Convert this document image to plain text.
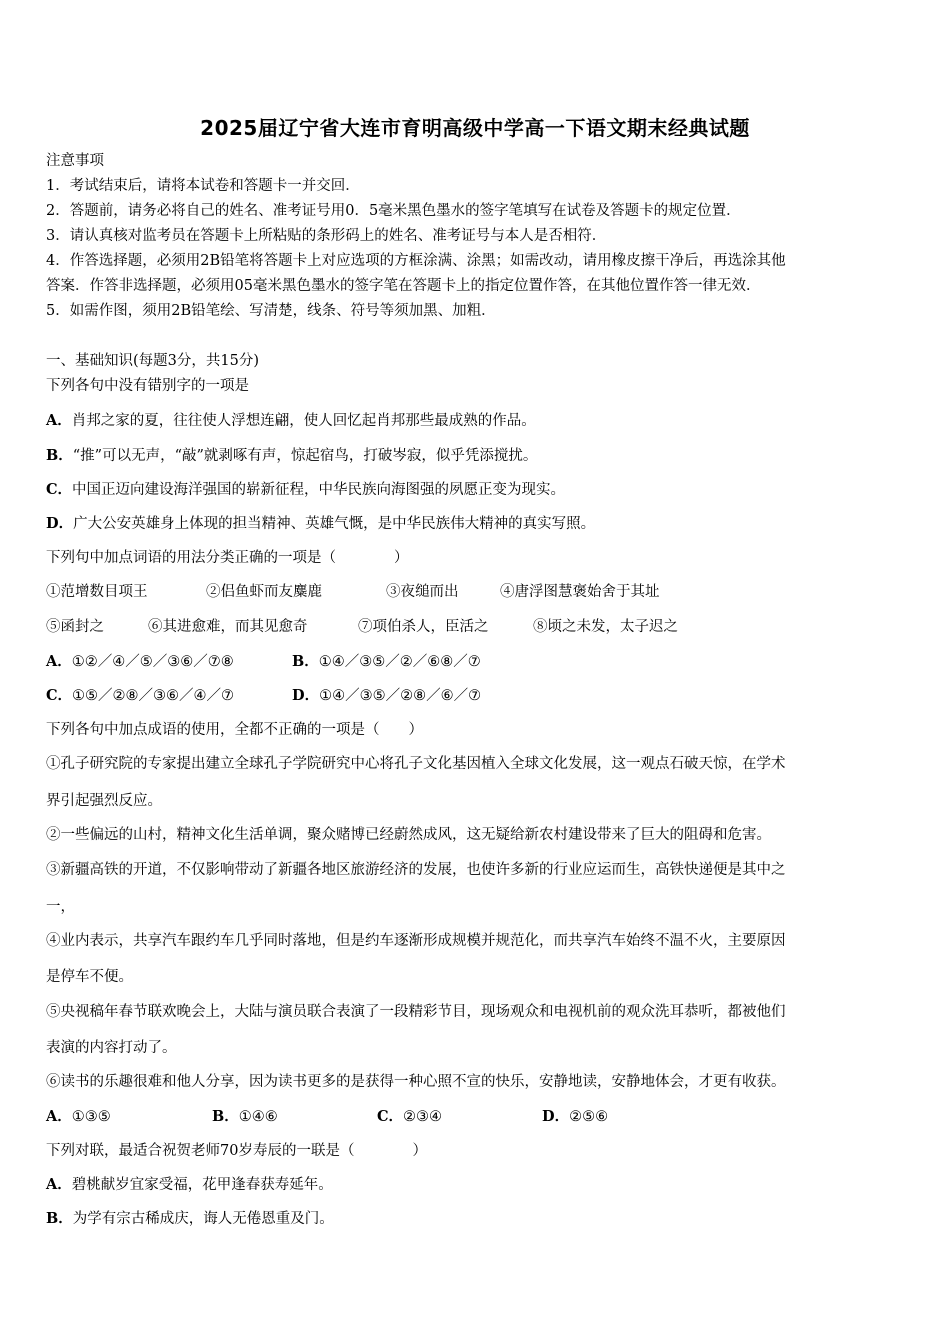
2025届辽宁省大连市育明高级中学高一下语文期末经典试题
注意事项
1．考试结束后，请将本试卷和答题卡一并交回．
2．答题前，请务必将自己的姓名、准考证号用0．5毫米黑色墨水的签字笔填写在试卷及答题卡的规定位置．
3．请认真核对监考员在答题卡上所粘贴的条形码上的姓名、准考证号与本人是否相符．
4．作答选择题，必须用2B铅笔将答题卡上对应选项的方框涂满、涂黑；如需改动，请用橡皮擦干净后，再选涂其他
答案．作答非选择题，必须用05毫米黑色墨水的签字笔在答题卡上的指定位置作答，在其他位置作答一律无效．
5．如需作图，须用2B铅笔绘、写清楚，线条、符号等须加黑、加粗．
一、基础知识(每题3分，共15分)
下列各句中没有错别字的一项是
A．肖邦之家的夏，往往使人浮想连翩，使人回忆起肖邦那些最成熟的作品。
B．“推”可以无声，“敲”就剥啄有声，惊起宿鸟，打破岑寂，似乎凭添搅扰。
C．中国正迈向建设海洋强国的崭新征程，中华民族向海图强的夙愿正变为现实。
D．广大公安英雄身上体现的担当精神、英雄气慨，是中华民族伟大精神的真实写照。
下列句中加点词语的用法分类正确的一项是（　　　　）
①范增数目项王	②侣鱼虾而友麋鹿	③夜缒而出	④唐浮图慧褒始舍于其址
⑤函封之	⑥其进愈难，而其见愈奇	⑦项伯杀人，臣活之	⑧顷之未发，太子迟之
A．①②／④／⑤／③⑥／⑦⑧	B．①④／③⑤／②／⑥⑧／⑦
C．①⑤／②⑧／③⑥／④／⑦	D．①④／③⑤／②⑧／⑥／⑦
下列各句中加点成语的使用，全都不正确的一项是（　　）
①孔子研究院的专家提出建立全球孔子学院研究中心将孔子文化基因植入全球文化发展，这一观点石破天惊，在学术
界引起强烈反应。
②一些偏远的山村，精神文化生活单调，聚众赌博已经蔚然成风，这无疑给新农村建设带来了巨大的阻碍和危害。
③新疆高铁的开道，不仅影响带动了新疆各地区旅游经济的发展，也使许多新的行业应运而生，高铁快递便是其中之
一，
④业内表示，共享汽车跟约车几乎同时落地，但是约车逐渐形成规模并规范化，而共享汽车始终不温不火，主要原因
是停车不便。
⑤央视稿年春节联欢晚会上，大陆与演员联合表演了一段精彩节目，现场观众和电视机前的观众洗耳恭听，都被他们
表演的内容打动了。
⑥读书的乐趣很难和他人分享，因为读书更多的是获得一种心照不宣的快乐，安静地读，安静地体会，才更有收获。
A．①③⑤	B．①④⑥	C．②③④	D．②⑤⑥
下列对联，最适合祝贺老师70岁寿辰的一联是（　　　　）
A．碧桃献岁宜家受福，花甲逢春获寿延年。
B．为学有宗古稀成庆，诲人无倦恩重及门。
